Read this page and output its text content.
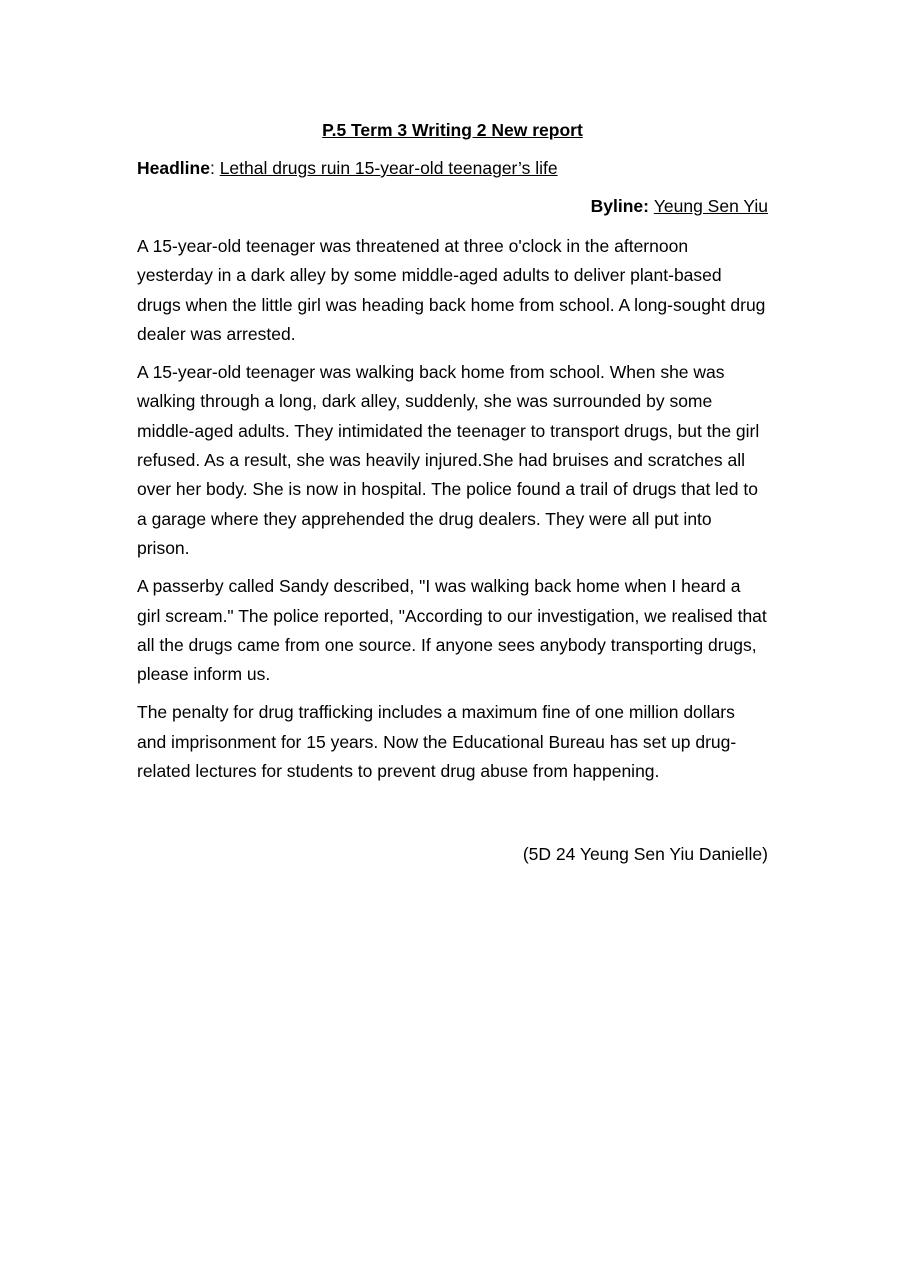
P.5 Term 3 Writing 2 New report
Headline: Lethal drugs ruin 15-year-old teenager’s life
Byline: Yeung Sen Yiu

A 15-year-old teenager was threatened at three o'clock in the afternoon yesterday in a dark alley by some middle-aged adults to deliver plant-based drugs when the little girl was heading back home from school. A long-sought drug dealer was arrested.

A 15-year-old teenager was walking back home from school. When she was walking through a long, dark alley, suddenly, she was surrounded by some middle-aged adults. They intimidated the teenager to transport drugs, but the girl refused. As a result, she was heavily injured.She had bruises and scratches all over her body. She is now in hospital. The police found a trail of drugs that led to a garage where they apprehended the drug dealers. They were all put into prison.

A passerby called Sandy described, "I was walking back home when I heard a girl scream." The police reported, "According to our investigation, we realised that all the drugs came from one source. If anyone sees anybody transporting drugs, please inform us.

The penalty for drug trafficking includes a maximum fine of one million dollars and imprisonment for 15 years. Now the Educational Bureau has set up drug-related lectures for students to prevent drug abuse from happening.

(5D 24 Yeung Sen Yiu Danielle)
